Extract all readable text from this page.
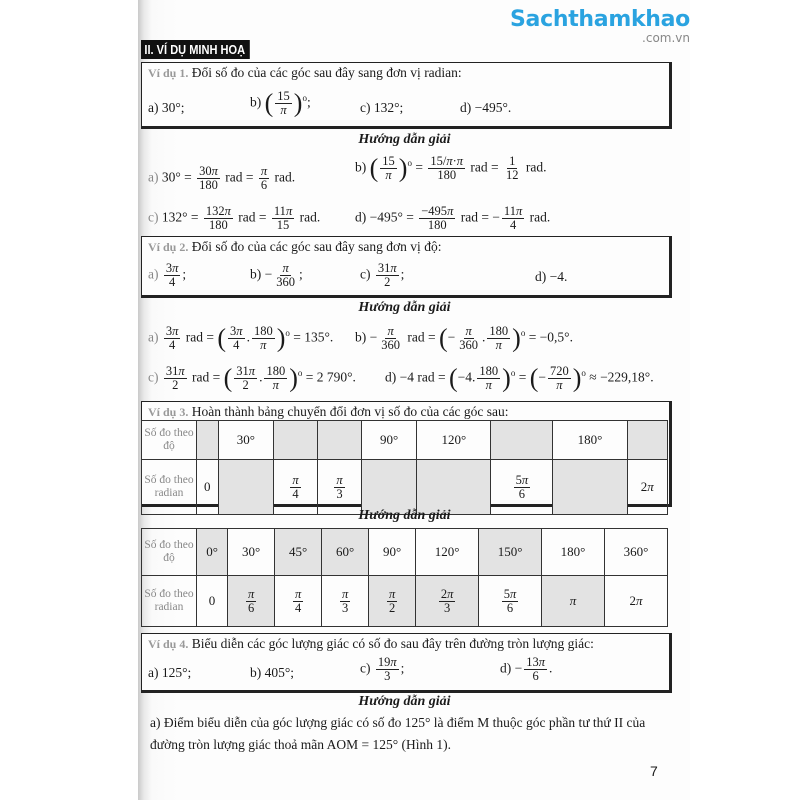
Sachthamkhao
.com.vn
II. VÍ DỤ MINH HOẠ
Ví dụ 1. Đổi số đo của các góc sau đây sang đơn vị radian:
a) 30°;	b) ( $\frac{15}{\pi} )^o$;	c) 132°;	d) −495°.
Hướng dẫn giải
a) $30^\circ = \frac{30\pi}{180}$ rad = $\frac{\pi}{6}$ rad.
b) ( $\frac{15}{\pi} )^o = \frac{15/\pi\cdot\pi}{180}$ rad = $\frac{1}{12}$ rad.
c) $132^\circ = \frac{132\pi}{180}$ rad = $\frac{11\pi}{15}$ rad.	$d) -495^\circ = \frac{-495\pi}{180}$ rad = − $\frac{11\pi}{4}$ rad.
Ví dụ 2. Đổi số đo của các góc sau đây sang đơn vị độ:
$a) \frac{3\pi}{4}$ ;	$b) - \frac{\pi}{360}$ ;	$c) \frac{31\pi}{2}$ ;	d) −4.
Hướng dẫn giải
$a) \frac{3\pi}{4}$ rad = ( $\frac{3\pi}{4}$ . $\frac{180}{\pi} )^o = 135^\circ$. $b) - \frac{\pi}{360}$ rad = (− $\frac{\pi}{360}$ . $\frac{180}{\pi} )^o = -0,5^\circ$.
$c) \frac{31\pi}{2}$ rad = ( $\frac{31\pi}{2}$ . $\frac{180}{\pi} )^o = 2$ 790°. d) −4 rad = (−4. $\frac{180}{\pi} )^o$ = (− $\frac{720}{\pi} )^o \approx -229,18^\circ$.
Ví dụ 3. Hoàn thành bảng chuyển đổi đơn vị số đo của các góc sau:
Số đo theo độ		30°			90°	120°		180°	
Số đo theo radian	0		$\frac{\pi}{4}$	$\frac{\pi}{3}$			$\frac{5\pi}{6}$		2π
Hướng dẫn giải
Số đo theo độ	0°	30°	45°	60°	90°	120°	150°	180°	360°
Số đo theo radian	0	$\frac{\pi}{6}$	$\frac{\pi}{4}$	$\frac{\pi}{3}$	$\frac{\pi}{2}$	$\frac{2\pi}{3}$	$\frac{5\pi}{6}$	π	2π
Ví dụ 4. Biểu diễn các góc lượng giác có số đo sau đây trên đường tròn lượng giác:
a) 125°;	b) 405°;	$c) \frac{19\pi}{3}$ ;	$d) - \frac{13\pi}{6}$ .
Hướng dẫn giải
a) Điểm biểu diễn của góc lượng giác có số đo 125° là điểm M thuộc góc phần tư thứ II của đường tròn lượng giác thoả mãn AOM = 125° (Hình 1).
7
